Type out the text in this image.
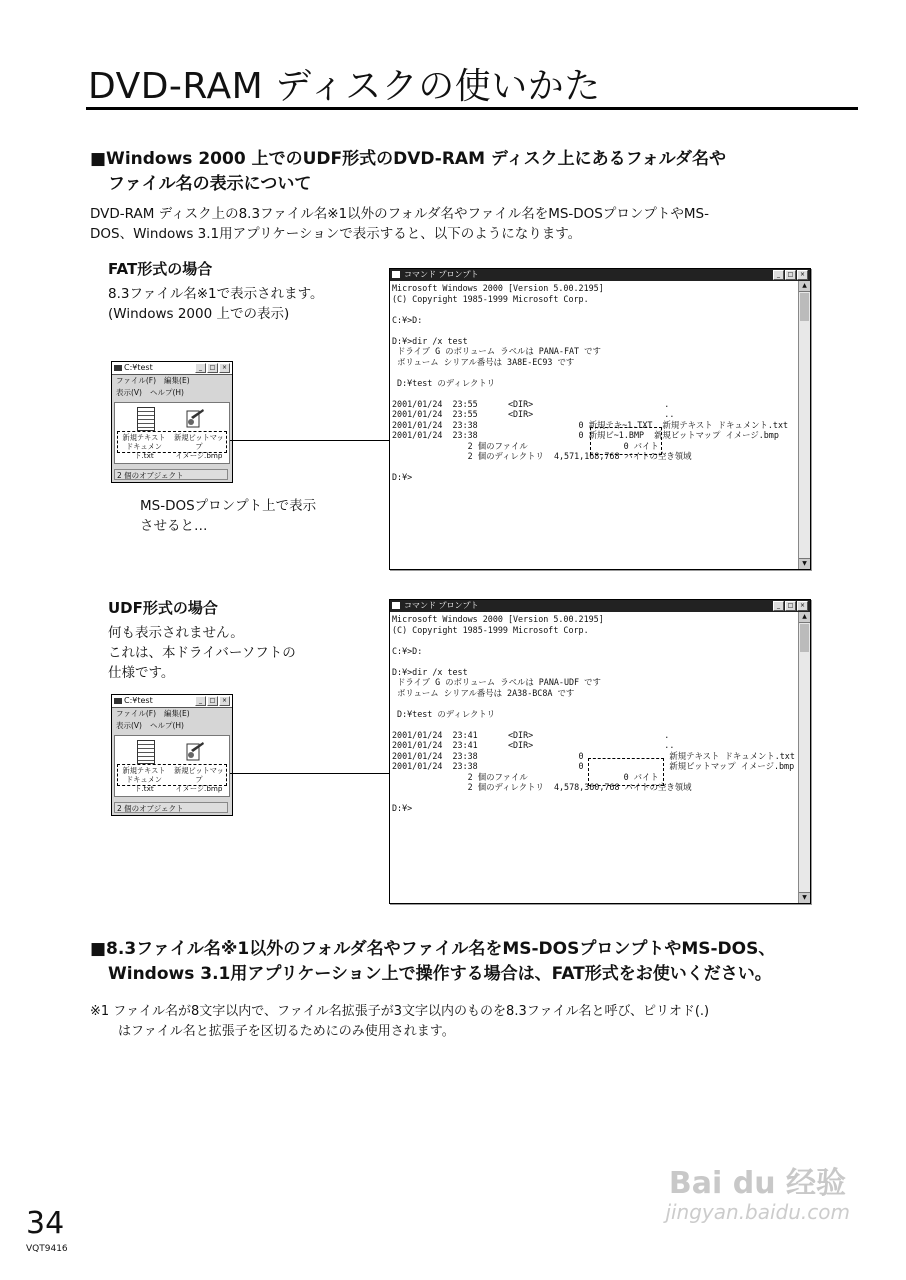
DVD-RAM ディスクの使いかた

■Windows 2000 上でのUDF形式のDVD-RAM ディスク上にあるフォルダ名や

ファイル名の表示について

DVD-RAM ディスク上の8.3ファイル名※1以外のフォルダ名やファイル名をMS-DOSプロンプトやMS-

DOS、Windows 3.1用アプリケーションで表示すると、以下のようになります。

FAT形式の場合
8.3ファイル名※1で表示されます。
(Windows 2000 上での表示)
MS-DOSプロンプト上で表示
させると…
C:¥test	_	□	×
ファイル(F) 編集(E)
表示(V) ヘルプ(H)
新規テキスト
ドキュメント.txt
新規ビットマップ
イメージ.bmp
2 個のオブジェクト
コマンド プロンプト	_	□	×
Microsoft Windows 2000 [Version 5.00.2195]
(C) Copyright 1985-1999 Microsoft Corp.

C:¥>D:

D:¥>dir /x test
ドライブ G のボリューム ラベルは PANA-FAT です
ボリューム シリアル番号は 3A8E-EC93 です

D:¥test のディレクトリ

2001/01/24  23:55      <DIR>                          .
2001/01/24  23:55      <DIR>                          ..
2001/01/24  23:38                    0 新規テキ~1.TXT  新規テキスト ドキュメント.txt
2001/01/24  23:38                    0 新規ビ~1.BMP  新規ビットマップ イメージ.bmp
2 個のファイル                   0 バイト
2 個のディレクトリ  4,571,168,768 バイトの空き領域

D:¥>
▲
▼
UDF形式の場合
何も表示されません。
これは、本ドライバーソフトの
仕様です。
C:¥test	_	□	×
ファイル(F) 編集(E)
表示(V) ヘルプ(H)
新規テキスト
ドキュメント.txt
新規ビットマップ
イメージ.bmp
2 個のオブジェクト
コマンド プロンプト	_	□	×
Microsoft Windows 2000 [Version 5.00.2195]
(C) Copyright 1985-1999 Microsoft Corp.

C:¥>D:

D:¥>dir /x test
ドライブ G のボリューム ラベルは PANA-UDF です
ボリューム シリアル番号は 2A38-BC8A です

D:¥test のディレクトリ

2001/01/24  23:41      <DIR>                          .
2001/01/24  23:41      <DIR>                          ..
2001/01/24  23:38                    0                 新規テキスト ドキュメント.txt
2001/01/24  23:38                    0                 新規ビットマップ イメージ.bmp
2 個のファイル                   0 バイト
2 個のディレクトリ  4,578,360,768 バイトの空き領域

D:¥>
▲
▼

■8.3ファイル名※1以外のフォルダ名やファイル名をMS-DOSプロンプトやMS-DOS、

Windows 3.1用アプリケーション上で操作する場合は、FAT形式をお使いください。

※1 ファイル名が8文字以内で、ファイル名拡張子が3文字以内のものを8.3ファイル名と呼び、ピリオド(.)

はファイル名と拡張子を区切るためにのみ使用されます。

Bai du 经验
jingyan.baidu.com
34
VQT9416
